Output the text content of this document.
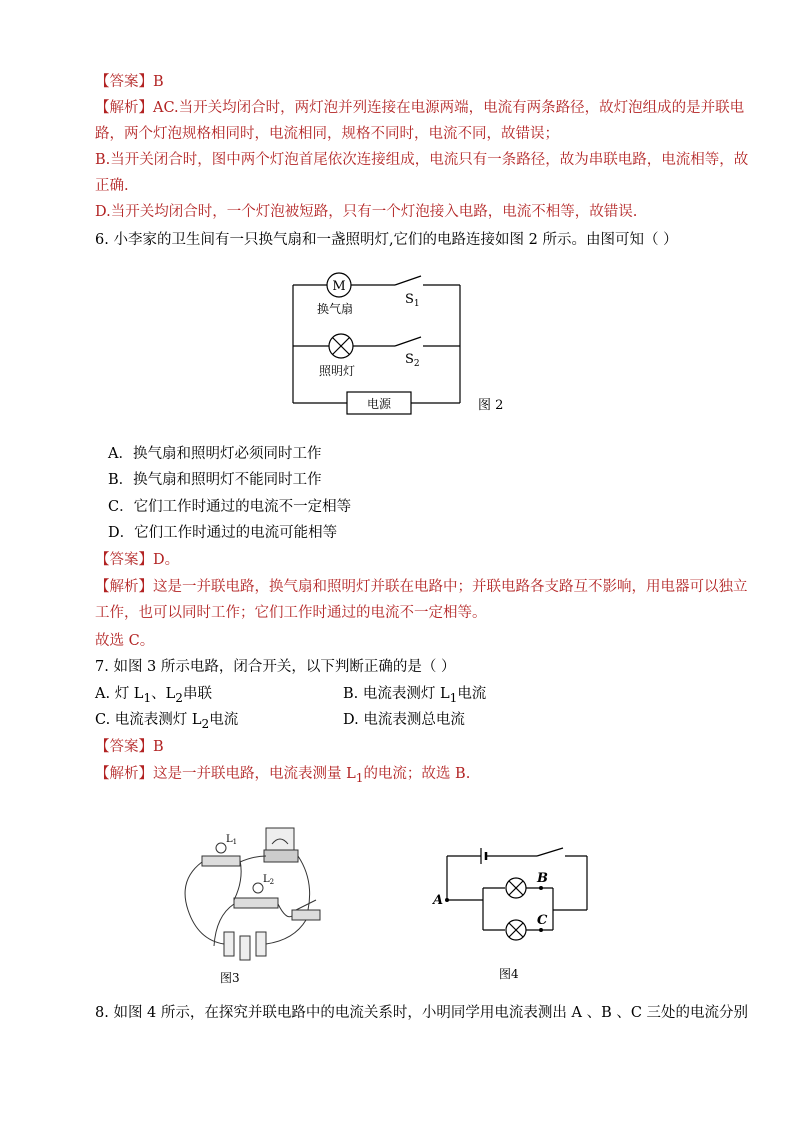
【答案】B
【解析】AC.当开关均闭合时，两灯泡并列连接在电源两端，电流有两条路径，故灯泡组成的是并联电
路，两个灯泡规格相同时，电流相同，规格不同时，电流不同，故错误；
B.当开关闭合时，图中两个灯泡首尾依次连接组成，电流只有一条路径，故为串联电路，电流相等，故
正确.
D.当开关均闭合时，一个灯泡被短路，只有一个灯泡接入电路，电流不相等，故错误.
6. 小李家的卫生间有一只换气扇和一盏照明灯,它们的电路连接如图 2 所示。由图可知（ ）
M
换气扇
$S_1$
照明灯
$S_2$
电源	图 2
A．换气扇和照明灯必须同时工作
B．换气扇和照明灯不能同时工作
C．它们工作时通过的电流不一定相等
D．它们工作时通过的电流可能相等
【答案】D。
【解析】这是一并联电路，换气扇和照明灯并联在电路中；并联电路各支路互不影响，用电器可以独立
工作，也可以同时工作；它们工作时通过的电流不一定相等。
故选 C。
7. 如图 3 所示电路，闭合开关，以下判断正确的是（ ）
A. 灯 $L_1$、$L_2$串联	B. 电流表测灯 $L_1$电流
C. 电流表测灯 $L_2$电流	D. 电流表测总电流
【答案】B
【解析】这是一并联电路，电流表测量 $L_1$的电流；故选 B.
$L_1$
$L_2$
图3
A
B
C
图4
8. 如图 4 所示，在探究并联电路中的电流关系时，小明同学用电流表测出 A 、B 、C 三处的电流分别
